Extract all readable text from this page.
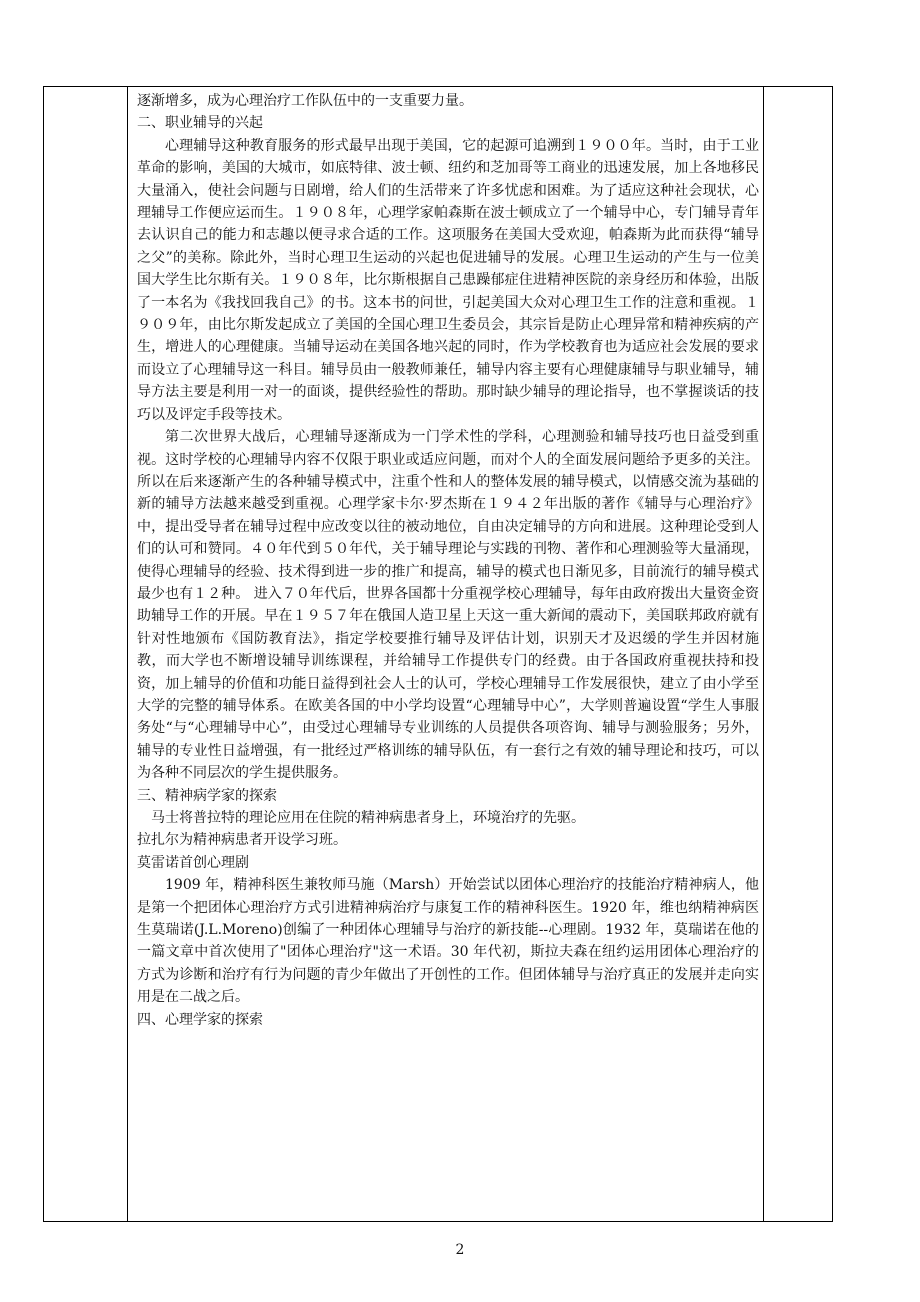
逐渐增多，成为心理治疗工作队伍中的一支重要力量。

二、职业辅导的兴起

心理辅导这种教育服务的形式最早出现于美国，它的起源可追溯到１９００年。当时，由于工业革命的影响，美国的大城市，如底特律、波士顿、纽约和芝加哥等工商业的迅速发展，加上各地移民大量涌入，使社会问题与日剧增，给人们的生活带来了许多忧虑和困难。为了适应这种社会现状，心理辅导工作便应运而生。１９０８年，心理学家帕森斯在波士顿成立了一个辅导中心，专门辅导青年去认识自己的能力和志趣以便寻求合适的工作。这项服务在美国大受欢迎，帕森斯为此而获得“辅导之父”的美称。除此外，当时心理卫生运动的兴起也促进辅导的发展。心理卫生运动的产生与一位美国大学生比尔斯有关。１９０８年，比尔斯根据自己患躁郁症住进精神医院的亲身经历和体验，出版了一本名为《我找回我自己》的书。这本书的问世，引起美国大众对心理卫生工作的注意和重视。１９０９年，由比尔斯发起成立了美国的全国心理卫生委员会，其宗旨是防止心理异常和精神疾病的产生，增进人的心理健康。当辅导运动在美国各地兴起的同时，作为学校教育也为适应社会发展的要求而设立了心理辅导这一科目。辅导员由一般教师兼任，辅导内容主要有心理健康辅导与职业辅导，辅导方法主要是利用一对一的面谈，提供经验性的帮助。那时缺少辅导的理论指导，也不掌握谈话的技巧以及评定手段等技术。

第二次世界大战后，心理辅导逐渐成为一门学术性的学科，心理测验和辅导技巧也日益受到重视。这时学校的心理辅导内容不仅限于职业或适应问题，而对个人的全面发展问题给予更多的关注。所以在后来逐渐产生的各种辅导模式中，注重个性和人的整体发展的辅导模式，以情感交流为基础的新的辅导方法越来越受到重视。心理学家卡尔·罗杰斯在１９４２年出版的著作《辅导与心理治疗》中，提出受导者在辅导过程中应改变以往的被动地位，自由决定辅导的方向和进展。这种理论受到人们的认可和赞同。４０年代到５０年代，关于辅导理论与实践的刊物、著作和心理测验等大量涌现，使得心理辅导的经验、技术得到进一步的推广和提高，辅导的模式也日渐见多，目前流行的辅导模式最少也有１２种。 进入７０年代后，世界各国都十分重视学校心理辅导，每年由政府拨出大量资金资助辅导工作的开展。早在１９５７年在俄国人造卫星上天这一重大新闻的震动下，美国联邦政府就有针对性地颁布《国防教育法》，指定学校要推行辅导及评估计划，识别天才及迟缓的学生并因材施教，而大学也不断增设辅导训练课程，并给辅导工作提供专门的经费。由于各国政府重视扶持和投资，加上辅导的价值和功能日益得到社会人士的认可，学校心理辅导工作发展很快，建立了由小学至大学的完整的辅导体系。在欧美各国的中小学均设置“心理辅导中心”，大学则普遍设置“学生人事服务处“与“心理辅导中心”，由受过心理辅导专业训练的人员提供各项咨询、辅导与测验服务；另外，辅导的专业性日益增强，有一批经过严格训练的辅导队伍，有一套行之有效的辅导理论和技巧，可以为各种不同层次的学生提供服务。

三、精神病学家的探索

马士将普拉特的理论应用在住院的精神病患者身上，环境治疗的先驱。

拉扎尔为精神病患者开设学习班。

莫雷诺首创心理剧

1909 年，精神科医生兼牧师马施（Marsh）开始尝试以团体心理治疗的技能治疗精神病人，他是第一个把团体心理治疗方式引进精神病治疗与康复工作的精神科医生。1920 年，维也纳精神病医生莫瑞诺(J.L.Moreno)创编了一种团体心理辅导与治疗的新技能--心理剧。1932 年，莫瑞诺在他的一篇文章中首次使用了"团体心理治疗"这一术语。30 年代初，斯拉夫森在纽约运用团体心理治疗的方式为诊断和治疗有行为问题的青少年做出了开创性的工作。但团体辅导与治疗真正的发展并走向实用是在二战之后。

四、心理学家的探索

2
